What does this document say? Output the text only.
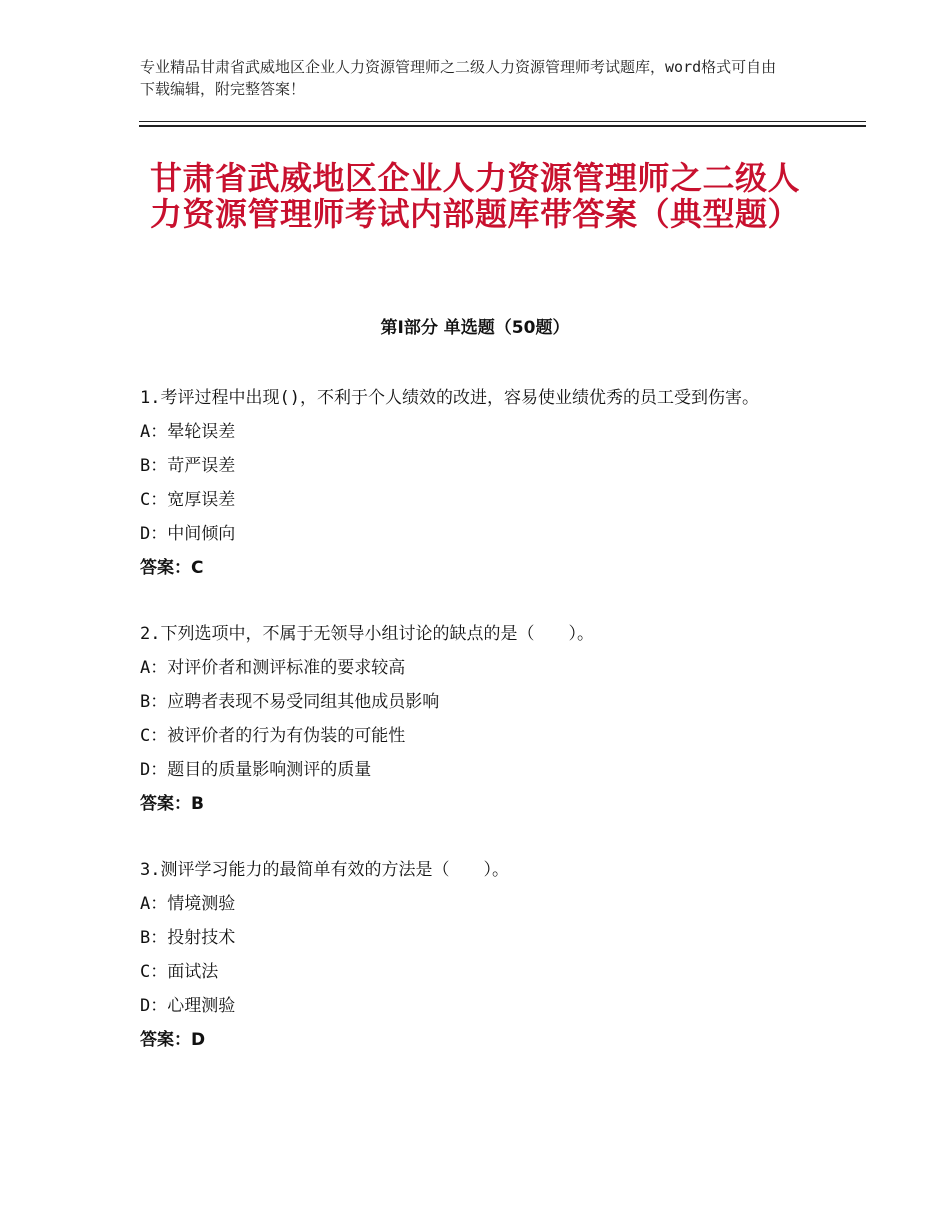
专业精品甘肃省武威地区企业人力资源管理师之二级人力资源管理师考试题库，word格式可自由下载编辑，附完整答案！
甘肃省武威地区企业人力资源管理师之二级人力资源管理师考试内部题库带答案（典型题）
第Ⅰ部分 单选题（50题）
1.考评过程中出现()，不利于个人绩效的改进，容易使业绩优秀的员工受到伤害。
A：晕轮误差
B：苛严误差
C：宽厚误差
D：中间倾向
答案：C
2.下列选项中，不属于无领导小组讨论的缺点的是（　　）。
A：对评价者和测评标准的要求较高
B：应聘者表现不易受同组其他成员影响
C：被评价者的行为有伪装的可能性
D：题目的质量影响测评的质量
答案：B
3.测评学习能力的最简单有效的方法是（　　）。
A：情境测验
B：投射技术
C：面试法
D：心理测验
答案：D
